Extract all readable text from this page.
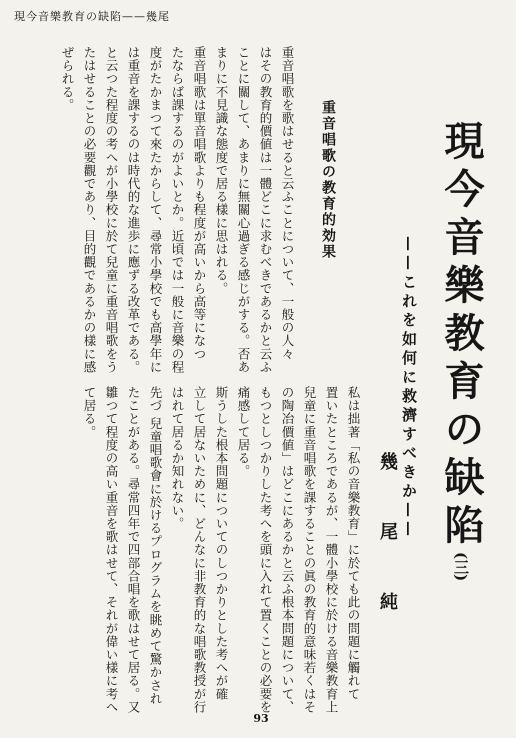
現今音樂教育の缺陷——幾尾
現今音樂教育の缺陷(三)
——これを如何に救濟すべきか——
幾尾純
重音唱歌の教育的効果
重音唱歌を歌はせると云ふことについて、一般の人々
はその教育的價値は一體どこに求むべきであるかと云ふ
ことに關して、あまりに無關心過ぎる感じがする。否あ
まりに不見識な態度で居る樣に思はれる。
重音唱歌は單音唱歌よりも程度が高いから高等になつ
たならば課するのがよいとか。近頃では一般に音樂の程
度がたかまつて來たからして、尋常小學校でも高學年に
は重音を課するのは時代的な進歩に應ずる改革である。
と云つた程度の考へが小學校に於て兒童に重音唱歌をう
たはせることの必要觀であり、目的觀であるかの樣に感
ぜられる。
私は拙著「私の音樂教育」に於ても此の問題に觸れて
置いたところであるが、一體小學校に於ける音樂教育上
兒童に重音唱歌を課することの眞の教育的意味若くはそ
の陶冶價値」はどこにあるかと云ふ根本問題について、
もつとしつかりした考へを頭に入れて置くことの必要を
痛感して居る。
斯うした根本問題についてのしつかりとした考へが確
立して居ないために、どんなに非教育的な唱歌教授が行
はれて居るか知れない。
先づ 兒童唱歌會に於けるプログラムを眺めて驚かされ
たことがある。尋常四年で四部合唱を歌はせて居る。又
雛つて程度の高い重音を歌はせて、それが偉い樣に考へ
て居る。
93
